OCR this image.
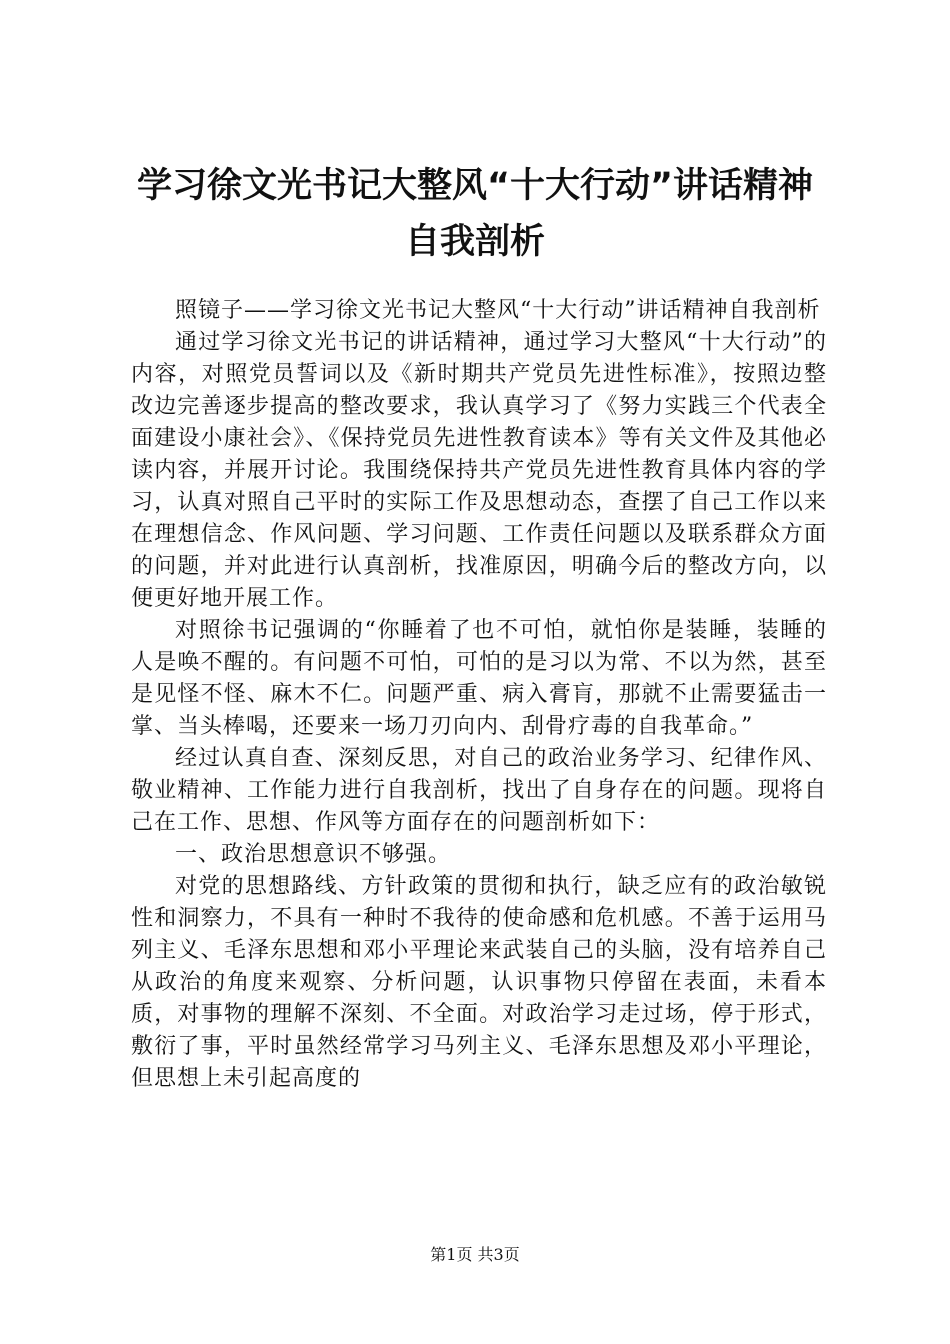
学习徐文光书记大整风“十大行动”讲话精神
自我剖析

照镜子——学习徐文光书记大整风“十大行动”讲话精神自我剖析

通过学习徐文光书记的讲话精神，通过学习大整风“十大行动”的内容，对照党员誓词以及《新时期共产党员先进性标准》，按照边整改边完善逐步提高的整改要求，我认真学习了《努力实践三个代表全面建设小康社会》、《保持党员先进性教育读本》等有关文件及其他必读内容，并展开讨论。我围绕保持共产党员先进性教育具体内容的学习，认真对照自己平时的实际工作及思想动态，查摆了自己工作以来在理想信念、作风问题、学习问题、工作责任问题以及联系群众方面的问题，并对此进行认真剖析，找准原因，明确今后的整改方向，以便更好地开展工作。

对照徐书记强调的“你睡着了也不可怕，就怕你是装睡，装睡的人是唤不醒的。有问题不可怕，可怕的是习以为常、不以为然，甚至是见怪不怪、麻木不仁。问题严重、病入膏肓，那就不止需要猛击一掌、当头棒喝，还要来一场刀刃向内、刮骨疗毒的自我革命。”

经过认真自查、深刻反思，对自己的政治业务学习、纪律作风、敬业精神、工作能力进行自我剖析，找出了自身存在的问题。现将自己在工作、思想、作风等方面存在的问题剖析如下：

一、政治思想意识不够强。

对党的思想路线、方针政策的贯彻和执行，缺乏应有的政治敏锐性和洞察力，不具有一种时不我待的使命感和危机感。不善于运用马列主义、毛泽东思想和邓小平理论来武装自己的头脑，没有培养自己从政治的角度来观察、分析问题，认识事物只停留在表面，未看本质，对事物的理解不深刻、不全面。对政治学习走过场，停于形式，敷衍了事，平时虽然经常学习马列主义、毛泽东思想及邓小平理论，但思想上未引起高度的

第1页 共3页
